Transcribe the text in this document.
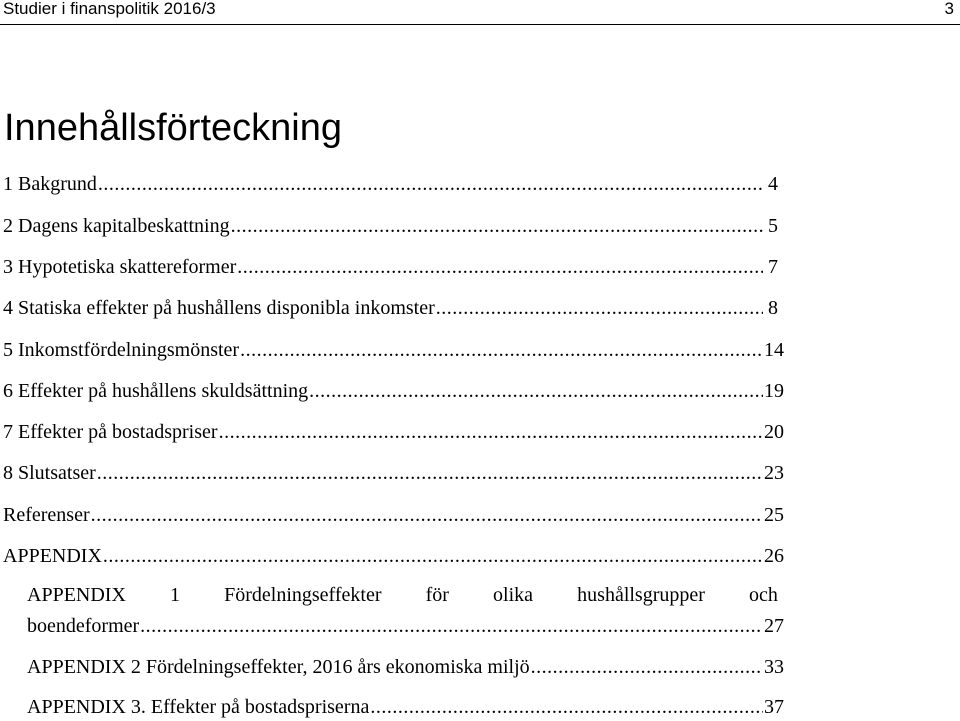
Studier i finanspolitik 2016/3	3
Innehållsförteckning
1 Bakgrund .....	4
2 Dagens kapitalbeskattning .....	5
3 Hypotetiska skattereformer .....	7
4 Statiska effekter på hushållens disponibla inkomster .....	8
5 Inkomstfördelningsmönster .....	14
6 Effekter på hushållens skuldsättning .....	19
7 Effekter på bostadspriser .....	20
8 Slutsatser .....	23
Referenser .....	25
APPENDIX .....	26
APPENDIX 1 Fördelningseffekter för olika hushållsgrupper och
boendeformer .....	27
APPENDIX 2 Fördelningseffekter, 2016 års ekonomiska miljö .....	33
APPENDIX 3. Effekter på bostadspriserna .....	37
